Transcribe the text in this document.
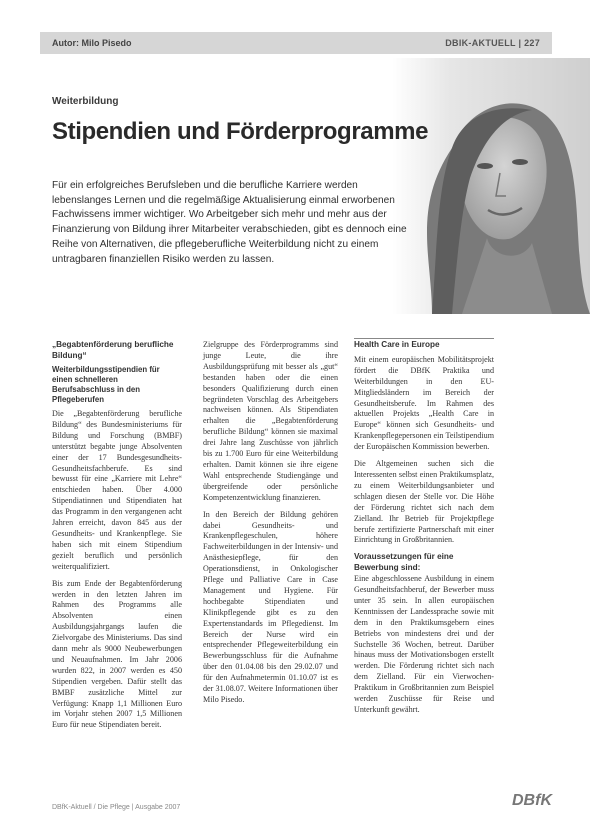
Autor: Milo Pisedo	DBIK-AKTUELL | 227
Weiterbildung
Stipendien und Förderprogramme
Für ein erfolgreiches Berufsleben und die berufliche Karriere werden lebenslanges Lernen und die regelmäßige Aktualisierung einmal erworbenen Fachwissens immer wichtiger. Wo Arbeitgeber sich mehr und mehr aus der Finanzierung von Bildung ihrer Mitarbeiter verabschieden, gibt es dennoch eine Reihe von Alternativen, die pflegeberufliche Weiterbildung nicht zu einem untragbaren finanziellen Risiko werden zu lassen.
„Begabtenförderung berufliche Bildung“
Weiterbildungsstipendien für einen schnelleren Berufsabschluss in den Pflegeberufen

Die „Begabtenförderung berufliche Bildung“ des Bundesministeriums für Bildung und Forschung (BMBF) unterstützt begabte junge Absolventen einer der 17 Bundesgesundheits-Gesundheitsfachberufe. Es sind bewusst für eine „Karriere mit Lehre“ entschieden haben. Über 4.000 Stipendiatinnen und Stipendiaten hat das Programm in den vergangenen acht Jahren erreicht, davon 845 aus der Gesundheits- und Krankenpflege. Sie haben sich mit einem Stipendium gezielt beruflich und persönlich weiterqualifiziert.

Bis zum Ende der Begabtenförderung werden in den letzten Jahren im Rahmen des Programms alle Absolventen einen Ausbildungsjahrgangs laufen die Zielvorgabe des Ministeriums. Das sind dann mehr als 9000 Neubewerbungen und Neuaufnahmen. Im Jahr 2006 wurden 822, in 2007 werden es 450 Stipendien vergeben. Dafür stellt das BMBF zusätzliche Mittel zur Verfügung: Knapp 1,1 Millionen Euro im Vorjahr stehen 2007 1,5 Millionen Euro für neue Stipendiaten bereit.

Zielgruppe des Förderprogramms sind junge Leute, die ihre Ausbildungsprüfung mit besser als „gut“ bestanden haben oder die einen besonders Qualifizierung durch einen begründeten Vorschlag des Arbeitgebers nachweisen können. Als Stipendiaten erhalten die „Begabtenförderung berufliche Bildung“ können sie maximal drei Jahre lang Zuschüsse von jährlich bis zu 1.700 Euro für eine Weiterbildung erhalten. Damit können sie ihre eigene Wahl entsprechende Studiengänge und übergreifende oder persönliche Kompetenzentwicklung finanzieren.

In den Bereich der Bildung gehören dabei Gesundheits- und Krankenpflegeschulen, höhere Fachweiterbildungen in der Intensiv- und Anästhesiepflege, für den Operationsdienst, in Onkologischer Pflege und Palliative Care in Case Management und Hygiene. Für hochbegabte Stipendiaten und Klinikpflegende gibt es zu den Expertenstandards im Pflegedienst. Im Bereich der Nurse wird ein entsprechender Pflegeweiterbildung ein Bewerbungsschluss für die Aufnahme über den 01.04.08 bis den 29.02.07 und für den Aufnahmetermin 01.10.07 ist es der 31.08.07. Weitere Informationen über Milo Pisedo.

Health Care in Europe

Mit einem europäischen Mobilitätsprojekt fördert die DBfK Praktika und Weiterbildungen in den EU-Mitgliedsländern im Bereich der Gesundheitsberufe. Im Rahmen des aktuellen Projekts „Health Care in Europe“ können sich Gesundheits- und Krankenpflegepersonen ein Teilstipendium der Europäischen Kommission bewerben.

Die Altgemeinen suchen sich die Interessenten selbst einen Praktikumsplatz, zu einem Weiterbildungsanbieter und schlagen diesen der Stelle vor. Die Höhe der Förderung richtet sich nach dem Zielland. Ihr Betrieb für Projektpflege berufe zertifizierte Partnerschaft mit einer Einrichtung in Großbritannien.

Voraussetzungen für eine Bewerbung sind:

Eine abgeschlossene Ausbildung in einem Gesundheitsfachberuf, der Bewerber muss unter 35 sein. In allen europäischen Kenntnissen der Landessprache sowie mit dem in den Praktikumsgebern eines Betriebs von mindestens drei und der Suchstelle 36 Wochen, betreut. Darüber hinaus muss der Motivationsbogen erstellt werden. Die Förderung richtet sich nach dem Zielland. Für ein Vierwochen-Praktikum in Großbritannien zum Beispiel werden Zuschüsse für Reise und Unterkunft gewährt.

DBfK-Aktuell / Die Pflege | Ausgabe 2007	DBfK
